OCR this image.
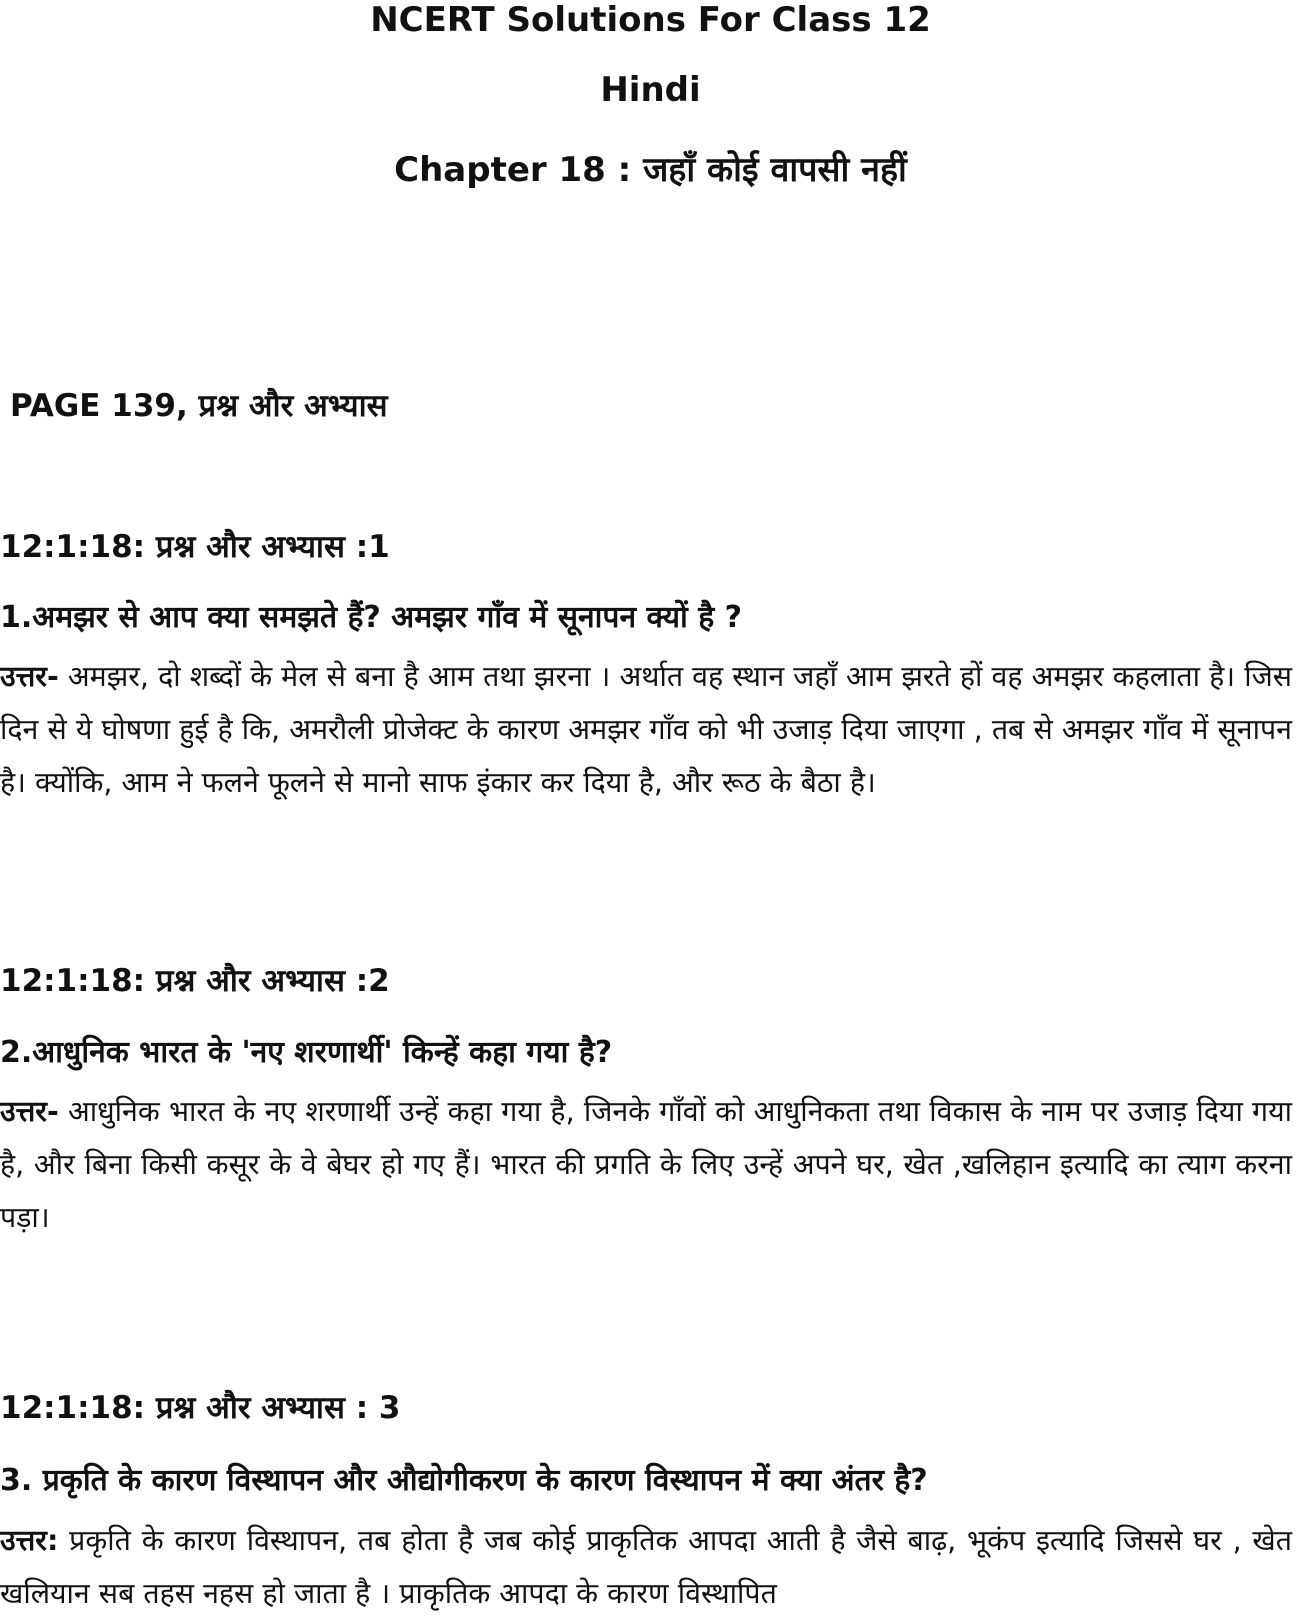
NCERT Solutions For Class 12
Hindi
Chapter 18 : जहाँ कोई वापसी नहीं
PAGE 139, प्रश्न और अभ्यास
12:1:18: प्रश्न और अभ्यास :1
1.अमझर से आप क्या समझते हैं? अमझर गाँव में सूनापन क्यों है ?
उत्तर- अमझर, दो शब्दों के मेल से बना है आम तथा झरना । अर्थात वह स्थान जहाँ आम झरते हों वह अमझर कहलाता है। जिस दिन से ये घोषणा हुई है कि, अमरौली प्रोजेक्ट के कारण अमझर गाँव को भी उजाड़ दिया जाएगा , तब से अमझर गाँव में सूनापन है। क्योंकि, आम ने फलने फूलने से मानो साफ इंकार कर दिया है, और रूठ के बैठा है।
12:1:18: प्रश्न और अभ्यास :2
2.आधुनिक भारत के 'नए शरणार्थी' किन्हें कहा गया है?
उत्तर- आधुनिक भारत के नए शरणार्थी उन्हें कहा गया है, जिनके गाँवों को आधुनिकता तथा विकास के नाम पर उजाड़ दिया गया है, और बिना किसी कसूर के वे बेघर हो गए हैं। भारत की प्रगति के लिए उन्हें अपने घर, खेत ,खलिहान इत्यादि का त्याग करना पड़ा।
12:1:18: प्रश्न और अभ्यास : 3
3. प्रकृति के कारण विस्थापन और औद्योगीकरण के कारण विस्थापन में क्या अंतर है?
उत्तर: प्रकृति के कारण विस्थापन, तब होता है जब कोई प्राकृतिक आपदा आती है जैसे बाढ़, भूकंप इत्यादि जिससे घर , खेत खलियान सब तहस नहस हो जाता है । प्राकृतिक आपदा के कारण विस्थापित
